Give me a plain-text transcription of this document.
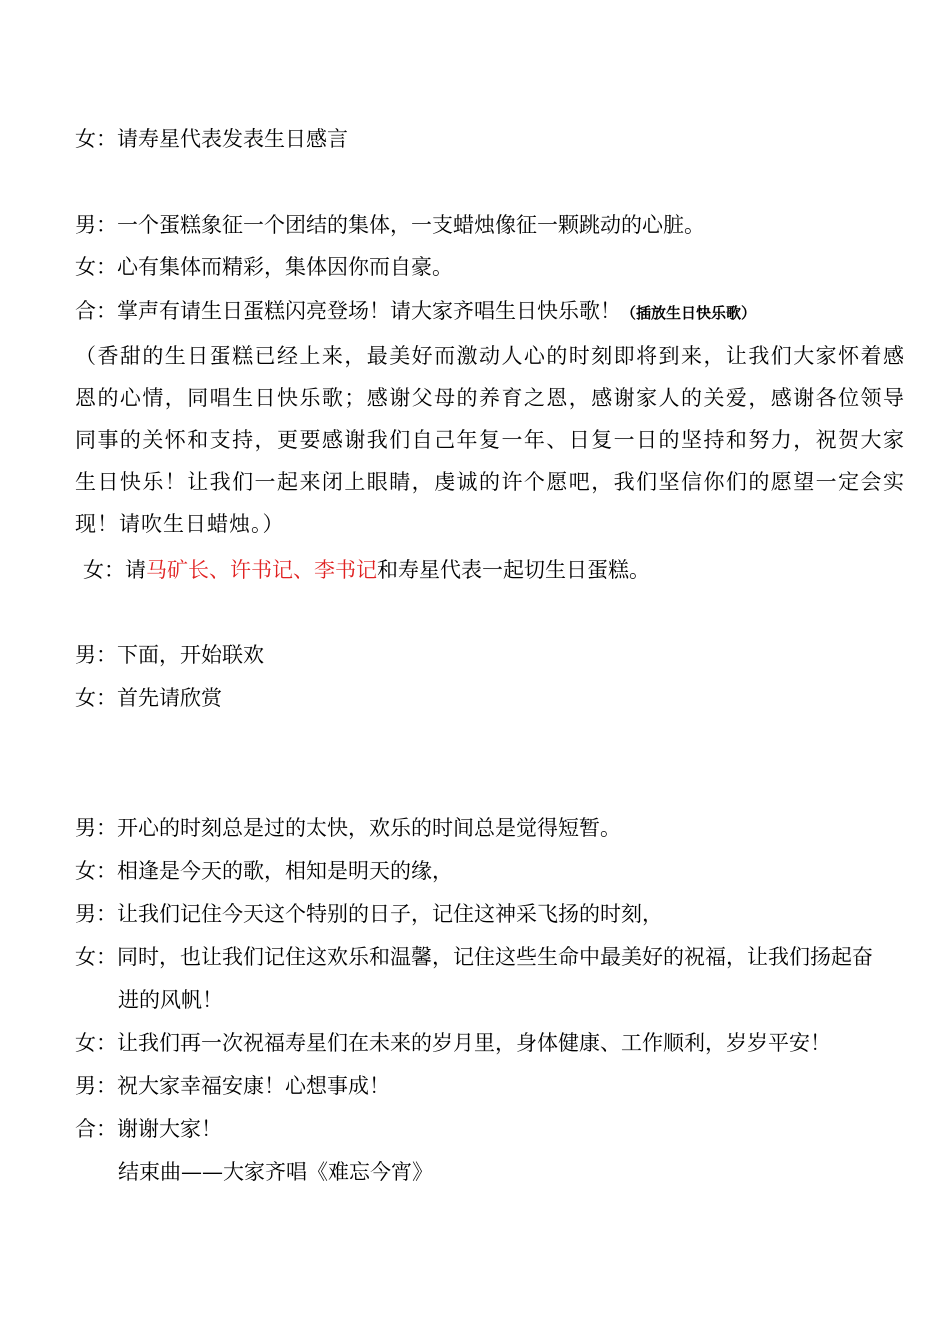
女：请寿星代表发表生日感言
男：一个蛋糕象征一个团结的集体，一支蜡烛像征一颗跳动的心脏。
女：心有集体而精彩，集体因你而自豪。
合：掌声有请生日蛋糕闪亮登场！请大家齐唱生日快乐歌！（插放生日快乐歌）
（香甜的生日蛋糕已经上来，最美好而激动人心的时刻即将到来，让我们大家怀着感恩的心情，同唱生日快乐歌；感谢父母的养育之恩，感谢家人的关爱，感谢各位领导同事的关怀和支持，更要感谢我们自己年复一年、日复一日的坚持和努力，祝贺大家生日快乐！让我们一起来闭上眼睛，虔诚的许个愿吧，我们坚信你们的愿望一定会实现！请吹生日蜡烛。）
女：请马矿长、许书记、李书记和寿星代表一起切生日蛋糕。
男：下面，开始联欢
女：首先请欣赏
男：开心的时刻总是过的太快，欢乐的时间总是觉得短暂。
女：相逢是今天的歌，相知是明天的缘，
男：让我们记住今天这个特别的日子，记住这神采飞扬的时刻，
女：同时，也让我们记住这欢乐和温馨，记住这些生命中最美好的祝福，让我们扬起奋
进的风帆！
女：让我们再一次祝福寿星们在未来的岁月里，身体健康、工作顺利，岁岁平安！
男：祝大家幸福安康！心想事成！
合：谢谢大家！
结束曲——大家齐唱《难忘今宵》
